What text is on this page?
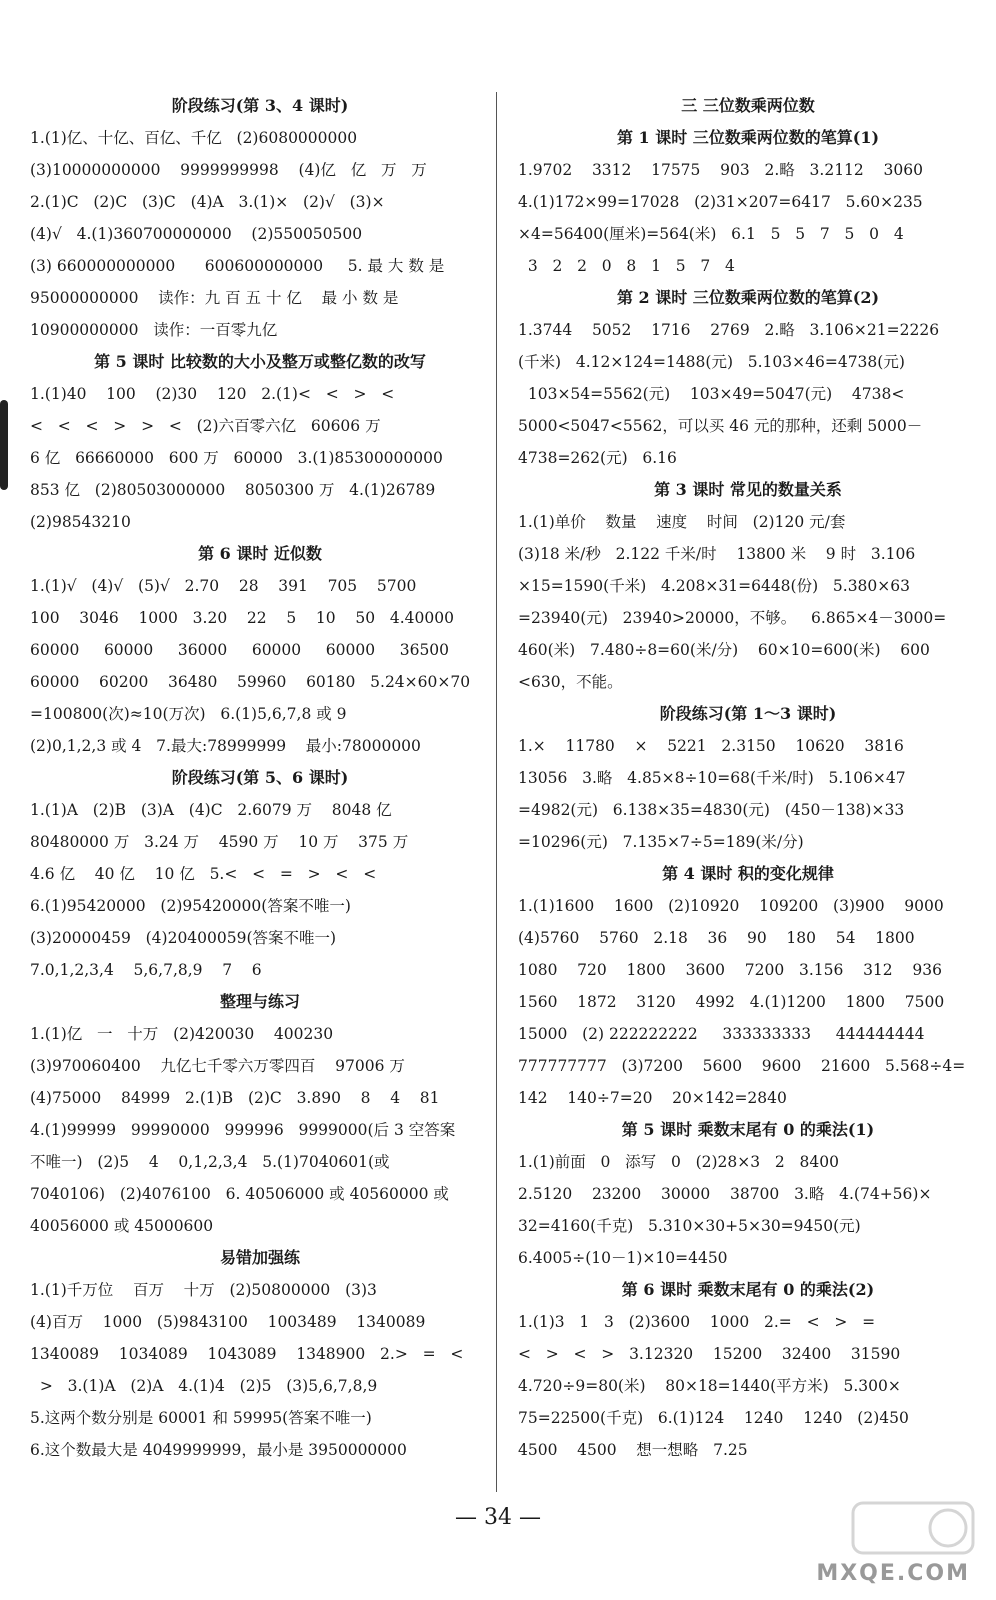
阶段练习(第 3、4 课时)
1.(1)亿、十亿、百亿、千亿   (2)6080000000
(3)10000000000    9999999998    (4)亿   亿   万   万
2.(1)C   (2)C   (3)C   (4)A   3.(1)×   (2)√   (3)×
(4)√   4.(1)360700000000    (2)550050500
(3) 660000000000      600600000000     5. 最 大 数 是
95000000000    读作：九 百 五 十 亿    最 小 数 是
10900000000   读作：一百零九亿
第 5 课时 比较数的大小及整万或整亿数的改写
1.(1)40    100    (2)30    120   2.(1)<   <   >   <
<   <   <   >   >   <   (2)六百零六亿   60606 万
6 亿   66660000   600 万   60000   3.(1)85300000000
853 亿   (2)80503000000    8050300 万   4.(1)26789
(2)98543210
第 6 课时 近似数
1.(1)√   (4)√   (5)√   2.70    28    391    705    5700
100    3046    1000   3.20    22    5    10    50   4.40000
60000     60000     36000     60000     60000     36500
60000    60200    36480    59960    60180   5.24×60×70
=100800(次)≈10(万次)   6.(1)5,6,7,8 或 9
(2)0,1,2,3 或 4   7.最大:78999999    最小:78000000
阶段练习(第 5、6 课时)
1.(1)A   (2)B   (3)A   (4)C   2.6079 万    8048 亿
80480000 万   3.24 万    4590 万    10 万    375 万
4.6 亿    40 亿    10 亿   5.<   <   =   >   <   <
6.(1)95420000   (2)95420000(答案不唯一)
(3)20000459   (4)20400059(答案不唯一)
7.0,1,2,3,4    5,6,7,8,9    7    6
整理与练习
1.(1)亿   一   十万   (2)420030    400230
(3)970060400    九亿七千零六万零四百    97006 万
(4)75000    84999   2.(1)B   (2)C   3.890    8    4    81
4.(1)99999   99990000   999996   9999000(后 3 空答案
不唯一)   (2)5    4    0,1,2,3,4   5.(1)7040601(或
7040106)   (2)4076100   6. 40506000 或 40560000 或
40056000 或 45000600
易错加强练
1.(1)千万位    百万    十万   (2)50800000   (3)3
(4)百万    1000   (5)9843100    1003489    1340089
1340089    1034089    1043089    1348900   2.>   =   <
>   3.(1)A   (2)A   4.(1)4   (2)5   (3)5,6,7,8,9
5.这两个数分别是 60001 和 59995(答案不唯一)
6.这个数最大是 4049999999，最小是 3950000000
三 三位数乘两位数
第 1 课时 三位数乘两位数的笔算(1)
1.9702    3312    17575    903   2.略   3.2112    3060
4.(1)172×99=17028   (2)31×207=6417   5.60×235
×4=56400(厘米)=564(米)   6.1   5   5   7   5   0   4
3   2   2   0   8   1   5   7   4
第 2 课时 三位数乘两位数的笔算(2)
1.3744    5052    1716    2769   2.略   3.106×21=2226
(千米)   4.12×124=1488(元)   5.103×46=4738(元)
103×54=5562(元)    103×49=5047(元)    4738<
5000<5047<5562，可以买 46 元的那种，还剩 5000－
4738=262(元)   6.16
第 3 课时 常见的数量关系
1.(1)单价    数量    速度    时间   (2)120 元/套
(3)18 米/秒   2.122 千米/时    13800 米    9 时   3.106
×15=1590(千米)   4.208×31=6448(份)   5.380×63
=23940(元)   23940>20000，不够。   6.865×4－3000=
460(米)   7.480÷8=60(米/分)    60×10=600(米)    600
<630，不能。
阶段练习(第 1～3 课时)
1.×    11780    ×    5221   2.3150    10620    3816
13056   3.略   4.85×8÷10=68(千米/时)   5.106×47
=4982(元)   6.138×35=4830(元)   (450－138)×33
=10296(元)   7.135×7÷5=189(米/分)
第 4 课时 积的变化规律
1.(1)1600    1600   (2)10920    109200   (3)900    9000
(4)5760    5760   2.18    36    90    180    54    1800
1080    720    1800    3600    7200   3.156    312    936
1560    1872    3120    4992   4.(1)1200    1800    7500
15000   (2) 222222222     333333333     444444444
777777777   (3)7200    5600    9600    21600   5.568÷4=
142    140÷7=20    20×142=2840
第 5 课时 乘数末尾有 0 的乘法(1)
1.(1)前面   0   添写   0   (2)28×3   2   8400
2.5120    23200    30000    38700   3.略   4.(74+56)×
32=4160(千克)   5.310×30+5×30=9450(元)
6.4005÷(10－1)×10=4450
第 6 课时 乘数末尾有 0 的乘法(2)
1.(1)3   1   3   (2)3600    1000   2.=   <   >   =
<   >   <   >   3.12320    15200    32400    31590
4.720÷9=80(米)    80×18=1440(平方米)   5.300×
75=22500(千克)   6.(1)124    1240    1240   (2)450
4500    4500    想一想略   7.25
— 34 —
MXQE.COM
